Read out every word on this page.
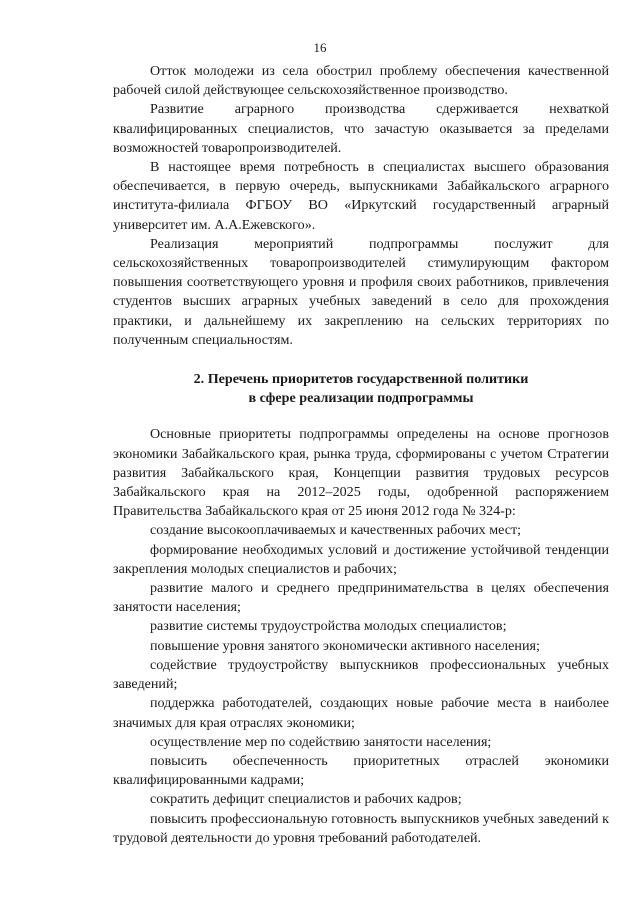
16

Отток молодежи из села обострил проблему обеспечения качественной рабочей силой действующее сельскохозяйственное производство.

Развитие аграрного производства сдерживается нехваткой квалифицированных специалистов, что зачастую оказывается за пределами возможностей товаропроизводителей.

В настоящее время потребность в специалистах высшего образования обеспечивается, в первую очередь, выпускниками Забайкальского аграрного института-филиала ФГБОУ ВО «Иркутский государственный аграрный университет им. А.А.Ежевского».

Реализация мероприятий подпрограммы послужит для сельскохозяйственных товаропроизводителей стимулирующим фактором повышения соответствующего уровня и профиля своих работников, привлечения студентов высших аграрных учебных заведений в село для прохождения практики, и дальнейшему их закреплению на сельских территориях по полученным специальностям.

2. Перечень приоритетов государственной политики
в сфере реализации подпрограммы

Основные приоритеты подпрограммы определены на основе прогнозов экономики Забайкальского края, рынка труда, сформированы с учетом Стратегии развития Забайкальского края, Концепции развития трудовых ресурсов Забайкальского края на 2012–2025 годы, одобренной распоряжением Правительства Забайкальского края от 25 июня 2012 года № 324-р:

создание высокооплачиваемых и качественных рабочих мест;

формирование необходимых условий и достижение устойчивой тенденции закрепления молодых специалистов и рабочих;

развитие малого и среднего предпринимательства в целях обеспечения занятости населения;

развитие системы трудоустройства молодых специалистов;

повышение уровня занятого экономически активного населения;

содействие трудоустройству выпускников профессиональных учебных заведений;

поддержка работодателей, создающих новые рабочие места в наиболее значимых для края отраслях экономики;

осуществление мер по содействию занятости населения;

повысить обеспеченность приоритетных отраслей экономики квалифицированными кадрами;

сократить дефицит специалистов и рабочих кадров;

повысить профессиональную готовность выпускников учебных заведений к трудовой деятельности до уровня требований работодателей.
